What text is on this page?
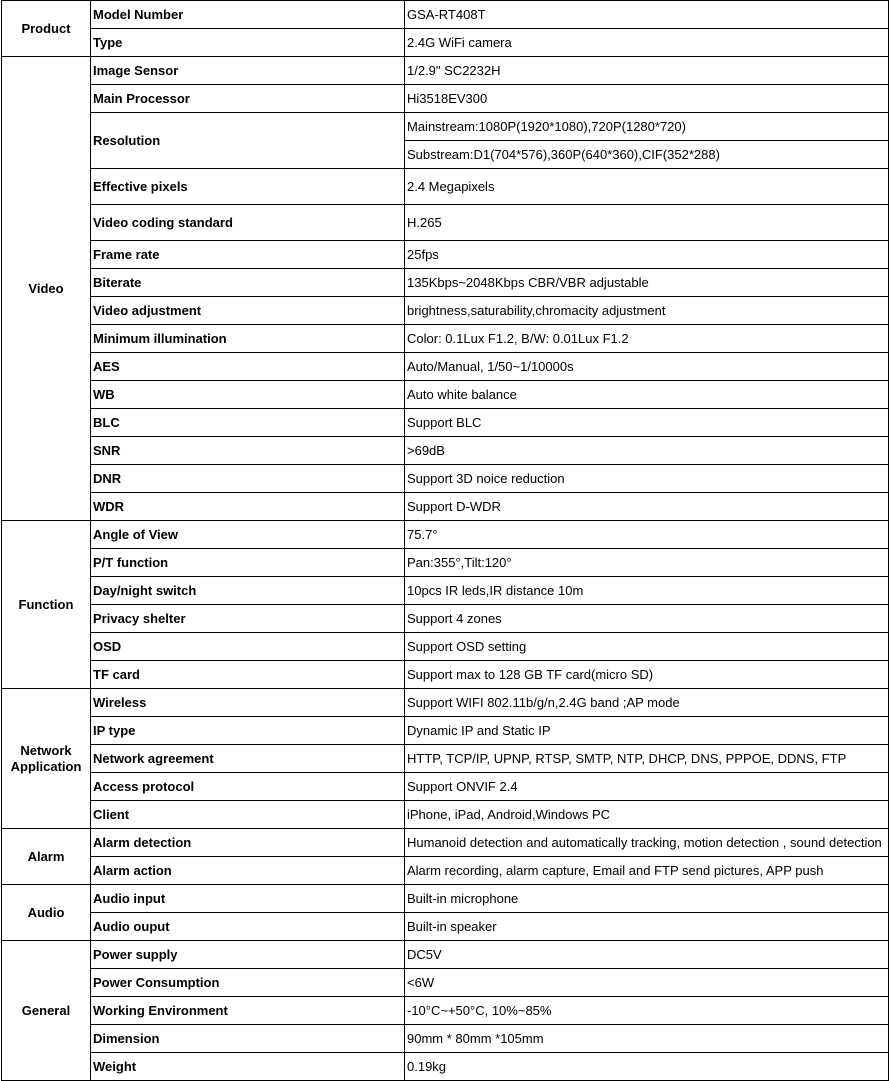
Product	Model Number	GSA-RT408T
	Type	2.4G WiFi camera
Video	Image Sensor	1/2.9" SC2232H
	Main Processor	Hi3518EV300
	Resolution	Mainstream:1080P(1920*1080),720P(1280*720)
		Substream:D1(704*576),360P(640*360),CIF(352*288)
	Effective pixels	2.4 Megapixels
	Video coding standard	H.265
	Frame rate	25fps
	Biterate	135Kbps~2048Kbps CBR/VBR adjustable
	Video adjustment	brightness,saturability,chromacity adjustment
	Minimum illumination	Color: 0.1Lux F1.2, B/W: 0.01Lux F1.2
	AES	Auto/Manual, 1/50~1/10000s
	WB	Auto white balance
	BLC	Support BLC
	SNR	>69dB
	DNR	Support 3D noice reduction
	WDR	Support D-WDR
Function	Angle of View	75.7°
	P/T function	Pan:355°,Tilt:120°
	Day/night switch	10pcs IR leds,IR distance 10m
	Privacy shelter	Support 4 zones
	OSD	Support OSD setting
	TF card	Support max to 128 GB TF card(micro SD)
Network Application	Wireless	Support WIFI 802.11b/g/n,2.4G band ;AP mode
	IP type	Dynamic IP and Static IP
	Network agreement	HTTP, TCP/IP, UPNP, RTSP, SMTP, NTP, DHCP, DNS, PPPOE, DDNS, FTP
	Access protocol	Support ONVIF 2.4
	Client	iPhone, iPad, Android,Windows PC
Alarm	Alarm detection	Humanoid detection and automatically tracking, motion detection , sound detection
	Alarm action	Alarm recording, alarm capture, Email and FTP send pictures, APP push
Audio	Audio input	Built-in microphone
	Audio ouput	Built-in speaker
General	Power supply	DC5V
	Power Consumption	<6W
	Working Environment	-10°C~+50°C, 10%~85%
	Dimension	90mm * 80mm *105mm
	Weight	0.19kg
